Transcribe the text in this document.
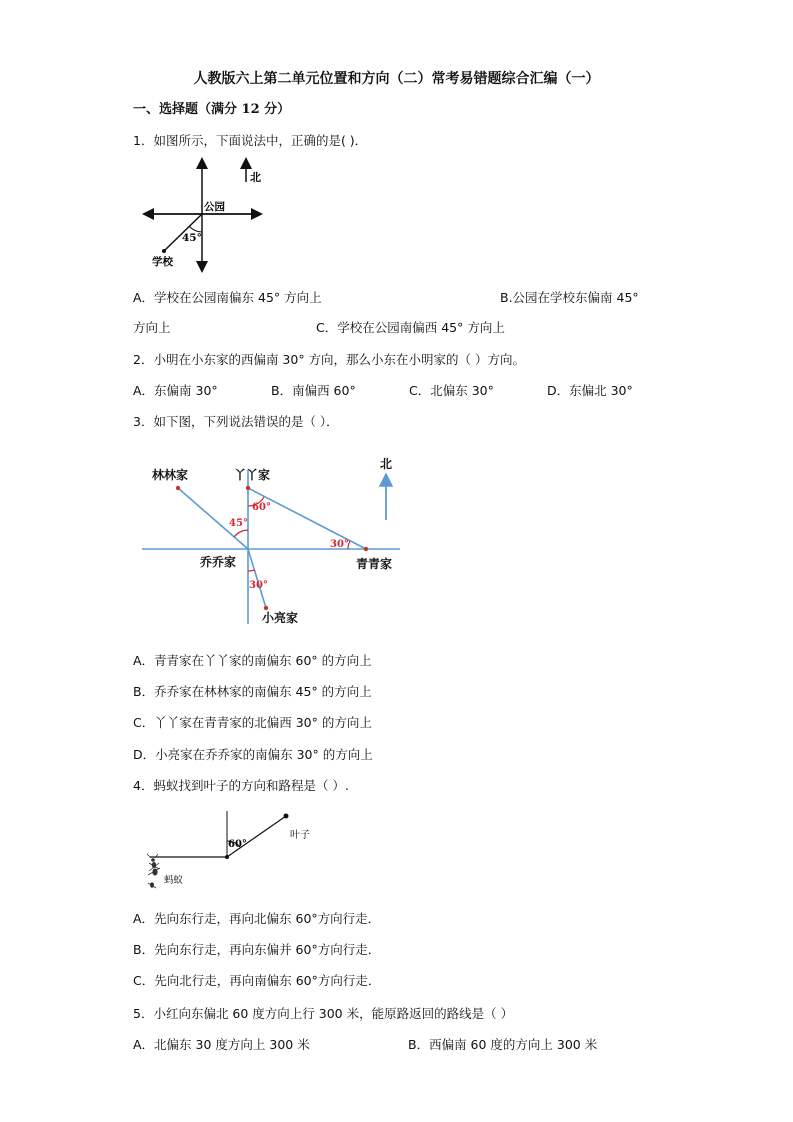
人教版六上第二单元位置和方向（二）常考易错题综合汇编（一）
一、选择题（满分 12 分）
1．如图所示，下面说法中，正确的是( )．
北
公园
45°
学校
A．学校在公园南偏东 45° 方向上	B.公园在学校东偏南 45°
方向上	C．学校在公园南偏西 45° 方向上
2．小明在小东家的西偏南 30° 方向，那么小东在小明家的（ ）方向。
A．东偏南 30°	B．南偏西 60°	C．北偏东 30°	D．东偏北 30°
3．如下图，下列说法错误的是（ ）．
北
林林家	丫丫家
乔乔家	青青家
小亮家
60°
45°
30°
30°
A．青青家在丫丫家的南偏东 60° 的方向上
B．乔乔家在林林家的南偏东 45° 的方向上
C．丫丫家在青青家的北偏西 30° 的方向上
D．小亮家在乔乔家的南偏东 30° 的方向上
4．蚂蚁找到叶子的方向和路程是（ ）.
60°
叶子
蚂蚁
A．先向东行走，再向北偏东 60°方向行走．
B．先向东行走，再向东偏并 60°方向行走．
C．先向北行走，再向南偏东 60°方向行走．
5．小红向东偏北 60 度方向上行 300 米，能原路返回的路线是（ ）
A．北偏东 30 度方向上 300 米	B．西偏南 60 度的方向上 300 米
